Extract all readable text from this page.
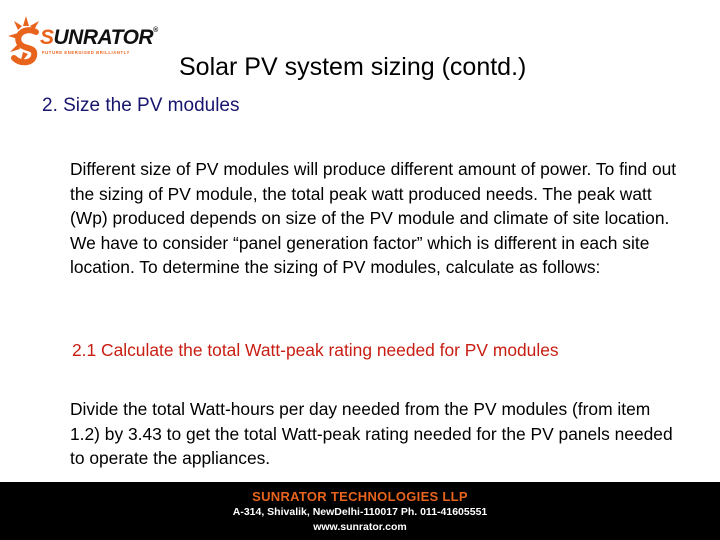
SUNRATOR®
FUTURE ENERGISED BRILLIANTLY
Solar PV system sizing (contd.)
2. Size the PV modules

Different size of PV modules will produce different amount of power. To find out the sizing of PV module, the total peak watt produced needs. The peak watt (Wp) produced depends on size of the PV module and climate of site location. We have to consider “panel generation factor” which is different in each site location. To determine the sizing of PV modules, calculate as follows:

2.1 Calculate the total Watt-peak rating needed for PV modules

Divide the total Watt-hours per day needed from the PV modules (from item 1.2) by 3.43 to get the total Watt-peak rating needed for the PV panels needed to operate the appliances.

SUNRATOR TECHNOLOGIES LLP
A-314, Shivalik, NewDelhi-110017 Ph. 011-41605551
www.sunrator.com
